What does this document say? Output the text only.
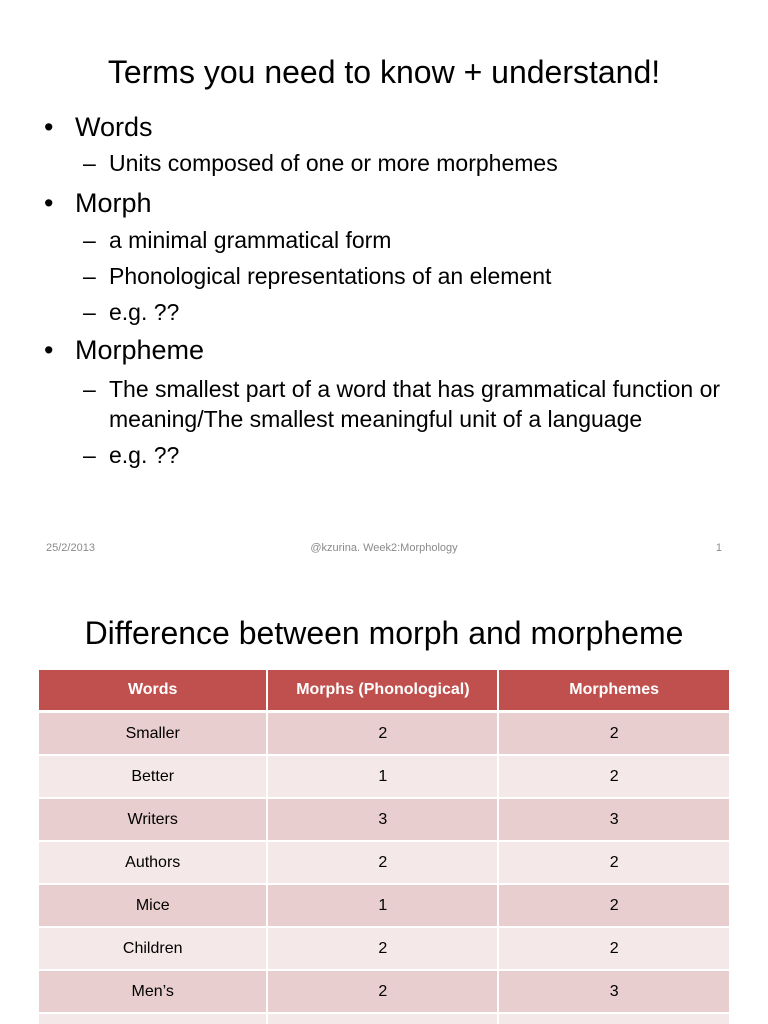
Terms you need to know + understand!
• Words
– Units composed of one or more morphemes
• Morph
– a minimal grammatical form
– Phonological representations of an element
– e.g. ??
• Morpheme
– The smallest part of a word that has grammatical function or meaning/The smallest meaningful unit of a language
– e.g. ??
25/2/2013	@kzurina. Week2:Morphology	1
Difference between morph and morpheme
Words	Morphs (Phonological)	Morphemes
Smaller	2	2
Better	1	2
Writers	3	3
Authors	2	2
Mice	1	2
Children	2	2
Men’s	2	3
